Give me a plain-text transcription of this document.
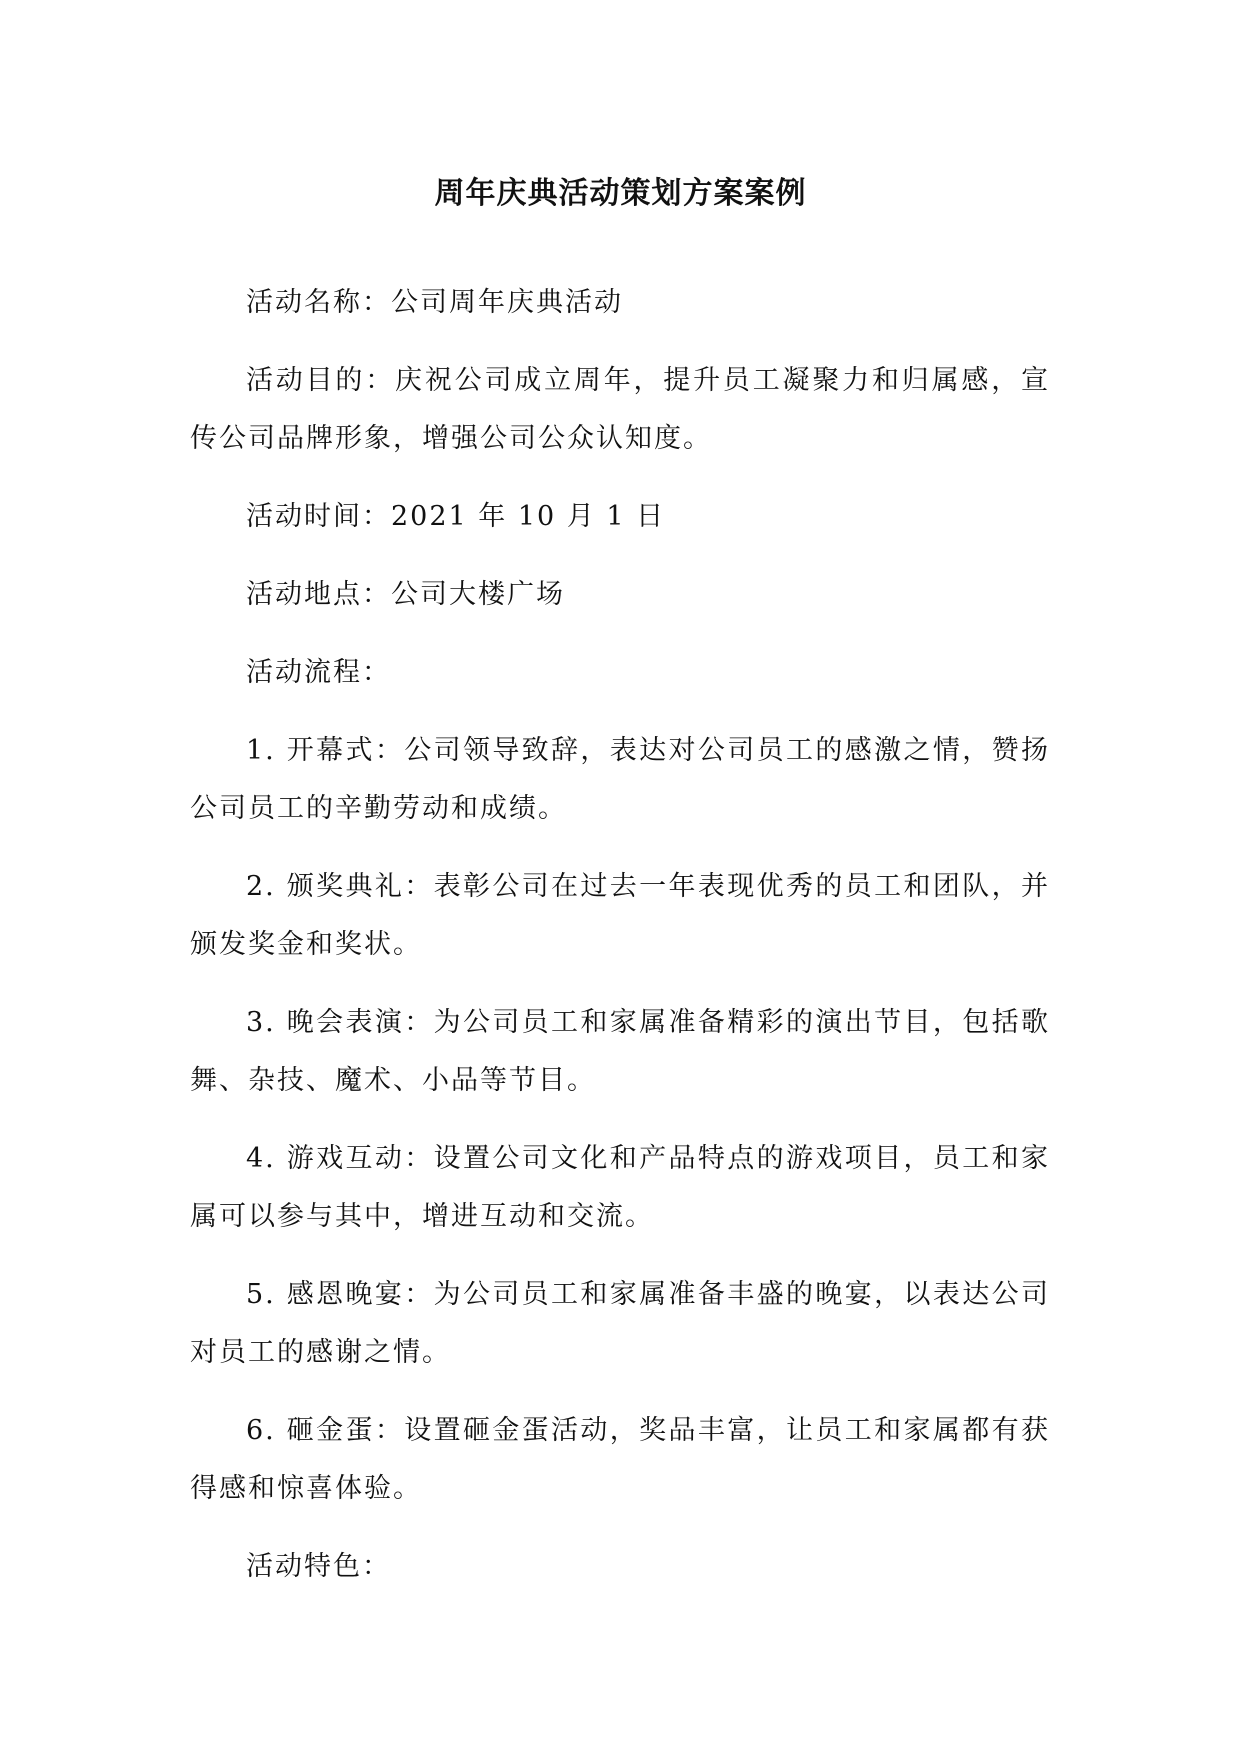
周年庆典活动策划方案案例

活动名称：公司周年庆典活动

活动目的：庆祝公司成立周年，提升员工凝聚力和归属感，宣传公司品牌形象，增强公司公众认知度。

活动时间：2021 年 10 月 1 日

活动地点：公司大楼广场

活动流程：

1. 开幕式：公司领导致辞，表达对公司员工的感激之情，赞扬公司员工的辛勤劳动和成绩。

2. 颁奖典礼：表彰公司在过去一年表现优秀的员工和团队，并颁发奖金和奖状。

3. 晚会表演：为公司员工和家属准备精彩的演出节目，包括歌舞、杂技、魔术、小品等节目。

4. 游戏互动：设置公司文化和产品特点的游戏项目，员工和家属可以参与其中，增进互动和交流。

5. 感恩晚宴：为公司员工和家属准备丰盛的晚宴，以表达公司对员工的感谢之情。

6. 砸金蛋：设置砸金蛋活动，奖品丰富，让员工和家属都有获得感和惊喜体验。

活动特色：
